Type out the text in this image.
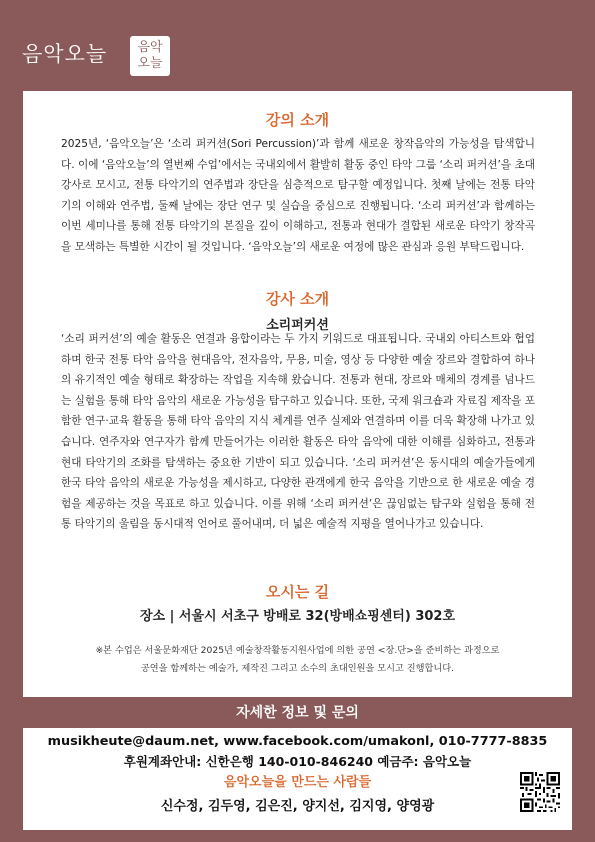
음악오늘 음악
오늘
강의 소개

2025년, ‘음악오늘’은 ‘소리 퍼커션(Sori Percussion)’과 함께 새로운 창작음악의 가능성을 탐색합니다. 이에 ‘음악오늘’의 열번째 수업’에서는 국내외에서 활발히 활동 중인 타악 그룹 ‘소리 퍼커션’을 초대 강사로 모시고, 전통 타악기의 연주법과 장단을 심층적으로 탐구할 예정입니다. 첫째 날에는 전통 타악기의 이해와 연주법, 둘째 날에는 장단 연구 및 실습을 중심으로 진행됩니다. ‘소리 퍼커션’과 함께하는 이번 세미나를 통해 전통 타악기의 본질을 깊이 이해하고, 전통과 현대가 결합된 새로운 타악기 창작곡을 모색하는 특별한 시간이 될 것입니다. ‘음악오늘’의 새로운 여정에 많은 관심과 응원 부탁드립니다.

강사 소개
소리퍼커션

‘소리 퍼커션’의 예술 활동은 연결과 융합이라는 두 가지 키워드로 대표됩니다. 국내외 아티스트와 협업하며 한국 전통 타악 음악을 현대음악, 전자음악, 무용, 미술, 영상 등 다양한 예술 장르와 결합하여 하나의 유기적인 예술 형태로 확장하는 작업을 지속해 왔습니다. 전통과 현대, 장르와 매체의 경계를 넘나드는 실험을 통해 타악 음악의 새로운 가능성을 탐구하고 있습니다. 또한, 국제 워크숍과 자료집 제작을 포함한 연구·교육 활동을 통해 타악 음악의 지식 체계를 연주 실제와 연결하며 이를 더욱 확장해 나가고 있습니다. 연주자와 연구자가 함께 만들어가는 이러한 활동은 타악 음악에 대한 이해를 심화하고, 전통과 현대 타악기의 조화를 탐색하는 중요한 기반이 되고 있습니다. ‘소리 퍼커션’은 동시대의 예술가들에게 한국 타악 음악의 새로운 가능성을 제시하고, 다양한 관객에게 한국 음악을 기반으로 한 새로운 예술 경험을 제공하는 것을 목표로 하고 있습니다. 이를 위해 ‘소리 퍼커션’은 끊임없는 탐구와 실험을 통해 전통 타악기의 울림을 동시대적 언어로 풀어내며, 더 넓은 예술적 지평을 열어나가고 있습니다.

오시는 길
장소 | 서울시 서초구 방배로 32(방배쇼핑센터) 302호
※본 수업은 서울문화재단 2025년 예술창작활동지원사업에 의한 공연 <장.단>을 준비하는 과정으로
공연을 함께하는 예술가, 제작진 그리고 소수의 초대인원을 모시고 진행합니다.
자세한 정보 및 문의
musikheute@daum.net, www.facebook.com/umakonl, 010-7777-8835
후원계좌안내: 신한은행 140-010-846240 예금주: 음악오늘
음악오늘을 만드는 사람들
신수정, 김두영, 김은진, 양지선, 김지영, 양영광
